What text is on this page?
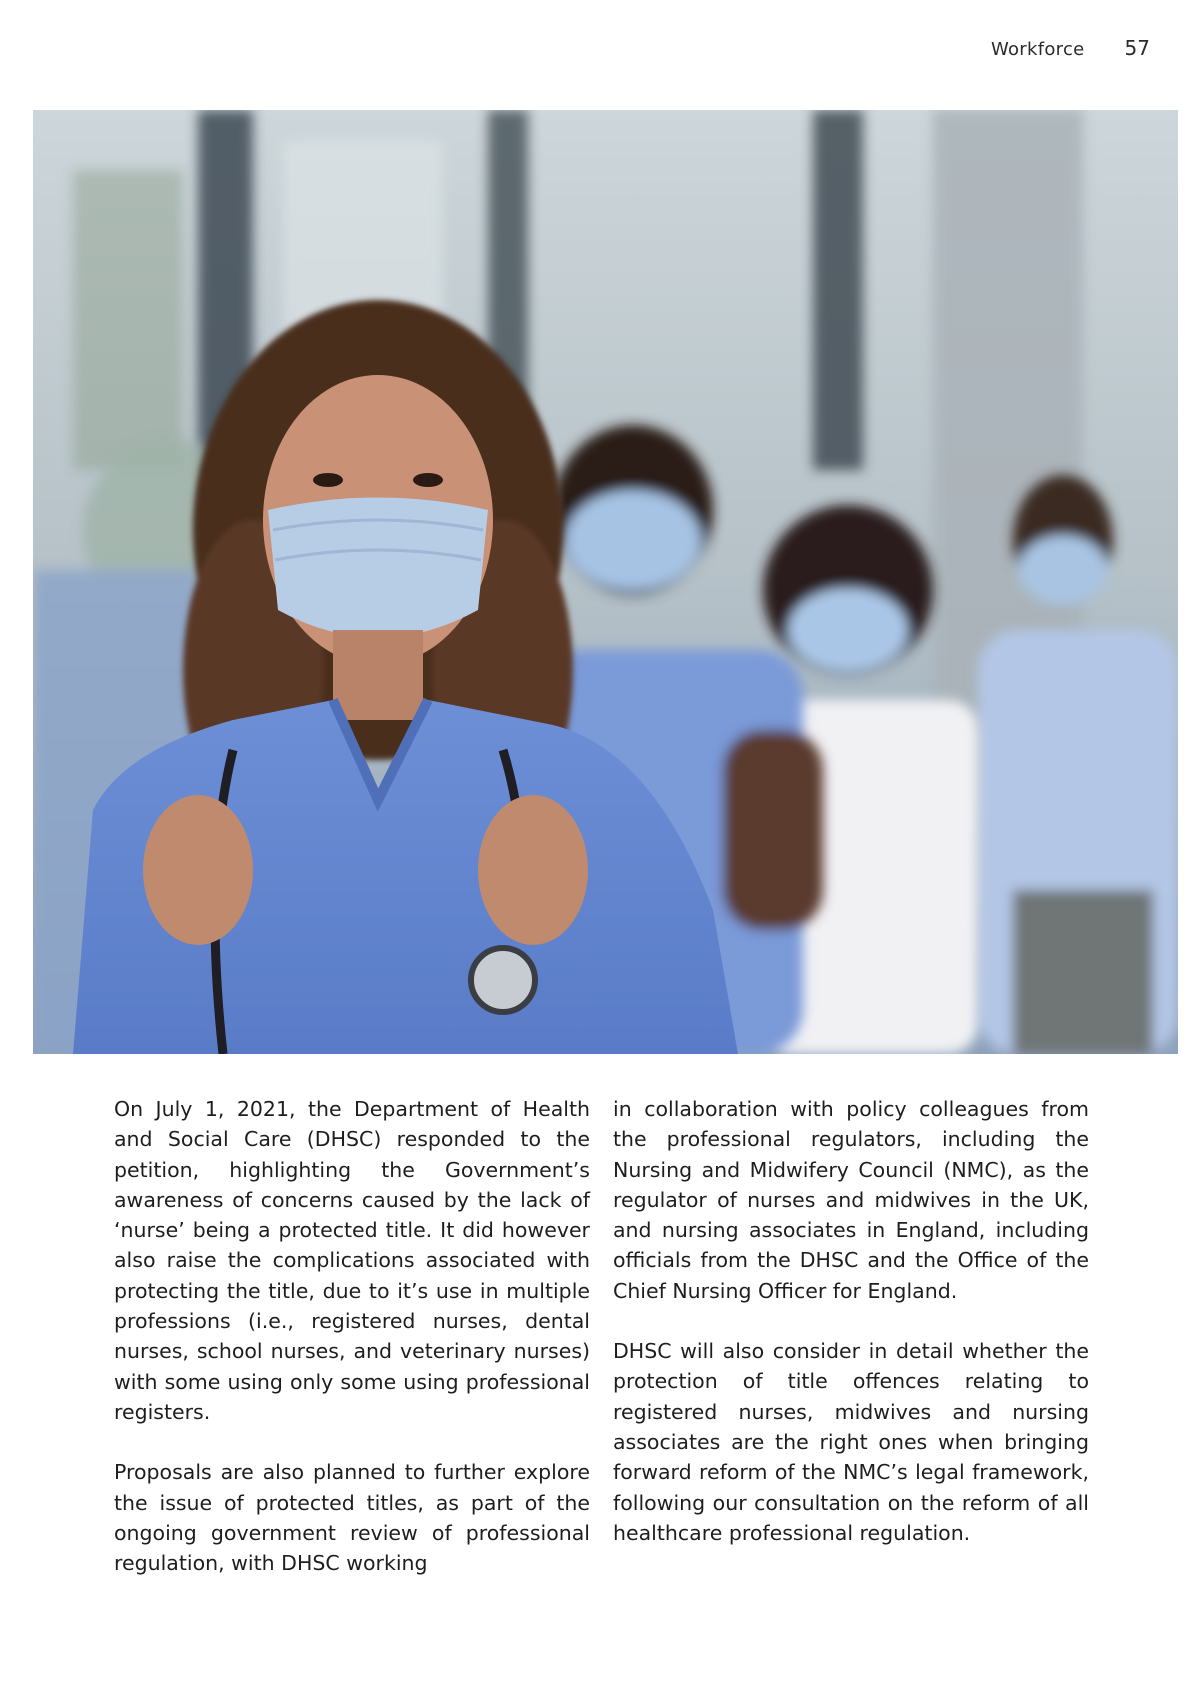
Workforce 57

On July 1, 2021, the Department of Health and Social Care (DHSC) responded to the petition, highlighting the Government’s awareness of concerns caused by the lack of ‘nurse’ being a protected title. It did however also raise the complications associated with protecting the title, due to it’s use in multiple professions (i.e., registered nurses, dental nurses, school nurses, and veterinary nurses) with some using only some using professional registers.

Proposals are also planned to further explore the issue of protected titles, as part of the ongoing government review of professional regulation, with DHSC working

in collaboration with policy colleagues from the professional regulators, including the Nursing and Midwifery Council (NMC), as the regulator of nurses and midwives in the UK, and nursing associates in England, including officials from the DHSC and the Office of the Chief Nursing Officer for England.

DHSC will also consider in detail whether the protection of title offences relating to registered nurses, midwives and nursing associates are the right ones when bringing forward reform of the NMC’s legal framework, following our consultation on the reform of all healthcare professional regulation.
